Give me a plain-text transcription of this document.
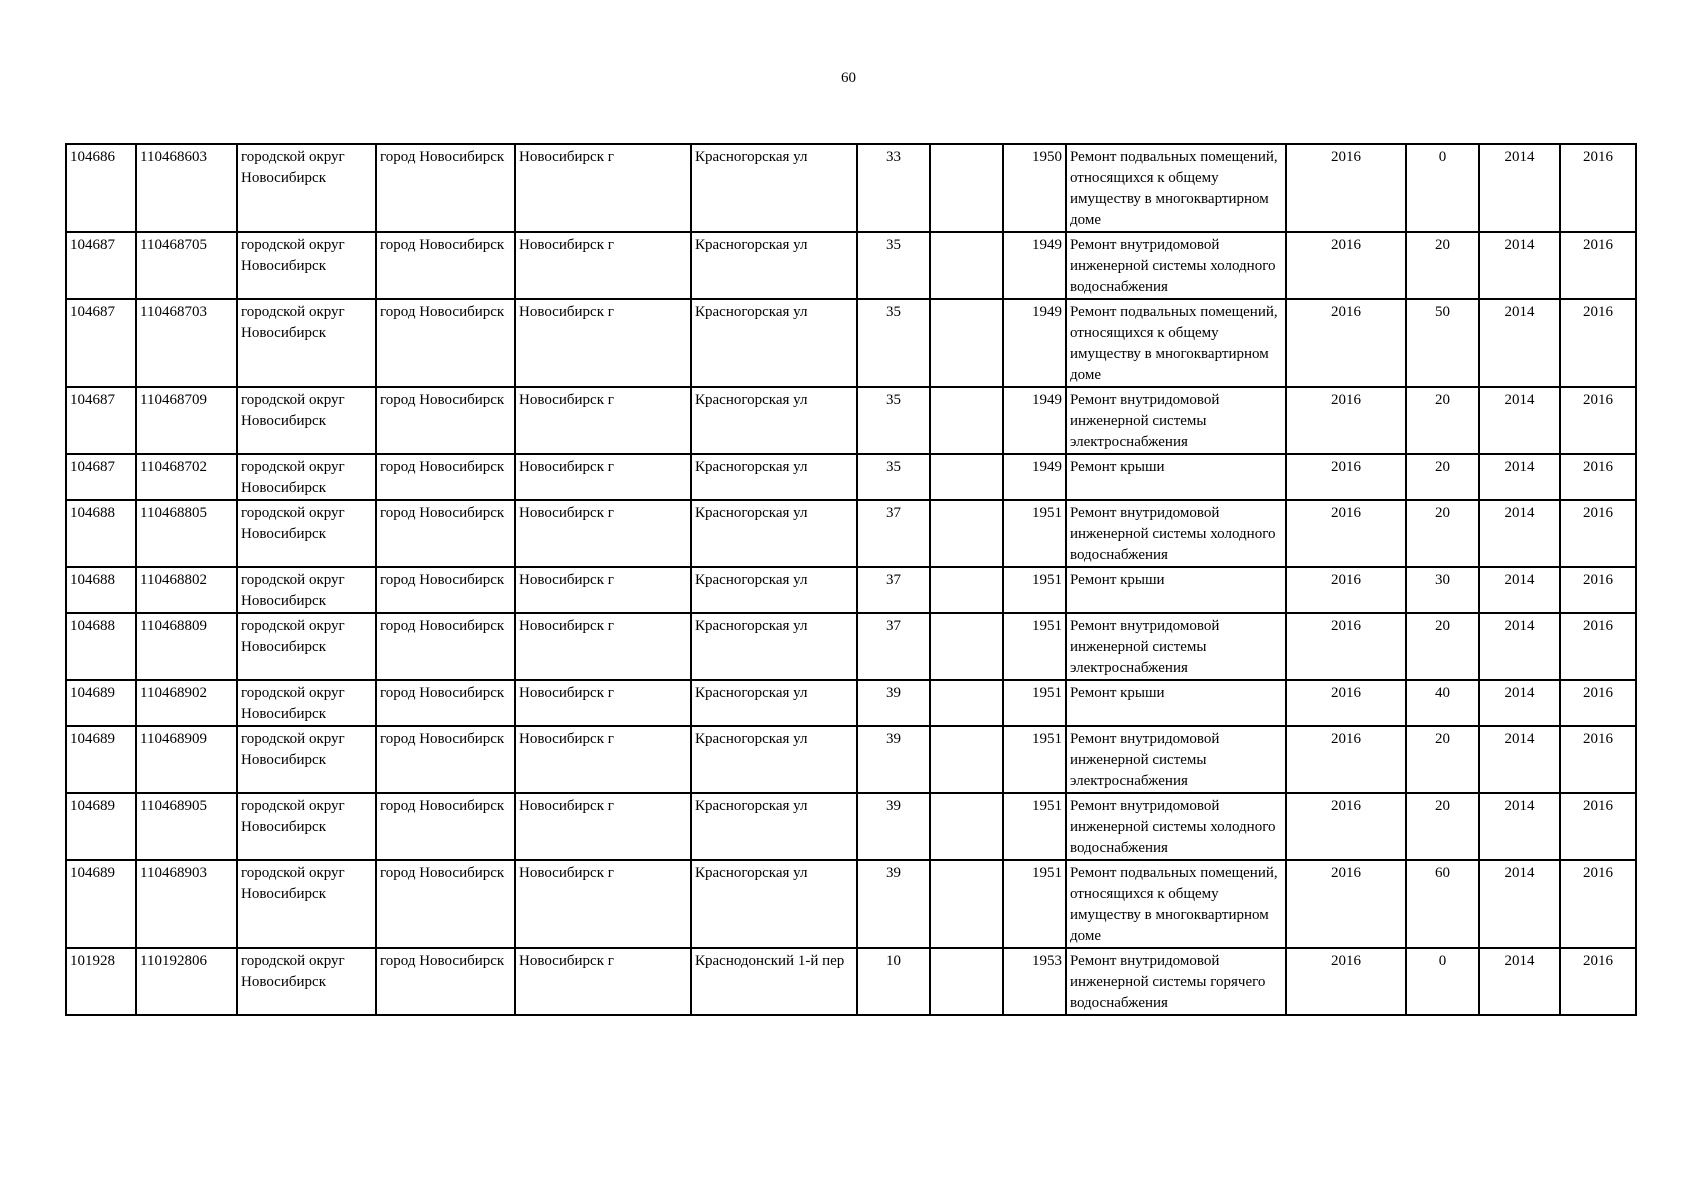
60
104686	110468603	городской округ Новосибирск	город Новосибирск	Новосибирск г	Красногорская ул	33		1950	Ремонт подвальных помещений, относящихся к общему имуществу в многоквартирном доме	2016	0	2014	2016
104687	110468705	городской округ Новосибирск	город Новосибирск	Новосибирск г	Красногорская ул	35		1949	Ремонт внутридомовой инженерной системы холодного водоснабжения	2016	20	2014	2016
104687	110468703	городской округ Новосибирск	город Новосибирск	Новосибирск г	Красногорская ул	35		1949	Ремонт подвальных помещений, относящихся к общему имуществу в многоквартирном доме	2016	50	2014	2016
104687	110468709	городской округ Новосибирск	город Новосибирск	Новосибирск г	Красногорская ул	35		1949	Ремонт внутридомовой инженерной системы электроснабжения	2016	20	2014	2016
104687	110468702	городской округ Новосибирск	город Новосибирск	Новосибирск г	Красногорская ул	35		1949	Ремонт крыши	2016	20	2014	2016
104688	110468805	городской округ Новосибирск	город Новосибирск	Новосибирск г	Красногорская ул	37		1951	Ремонт внутридомовой инженерной системы холодного водоснабжения	2016	20	2014	2016
104688	110468802	городской округ Новосибирск	город Новосибирск	Новосибирск г	Красногорская ул	37		1951	Ремонт крыши	2016	30	2014	2016
104688	110468809	городской округ Новосибирск	город Новосибирск	Новосибирск г	Красногорская ул	37		1951	Ремонт внутридомовой инженерной системы электроснабжения	2016	20	2014	2016
104689	110468902	городской округ Новосибирск	город Новосибирск	Новосибирск г	Красногорская ул	39		1951	Ремонт крыши	2016	40	2014	2016
104689	110468909	городской округ Новосибирск	город Новосибирск	Новосибирск г	Красногорская ул	39		1951	Ремонт внутридомовой инженерной системы электроснабжения	2016	20	2014	2016
104689	110468905	городской округ Новосибирск	город Новосибирск	Новосибирск г	Красногорская ул	39		1951	Ремонт внутридомовой инженерной системы холодного водоснабжения	2016	20	2014	2016
104689	110468903	городской округ Новосибирск	город Новосибирск	Новосибирск г	Красногорская ул	39		1951	Ремонт подвальных помещений, относящихся к общему имуществу в многоквартирном доме	2016	60	2014	2016
101928	110192806	городской округ Новосибирск	город Новосибирск	Новосибирск г	Краснодонский 1-й пер	10		1953	Ремонт внутридомовой инженерной системы горячего водоснабжения	2016	0	2014	2016
